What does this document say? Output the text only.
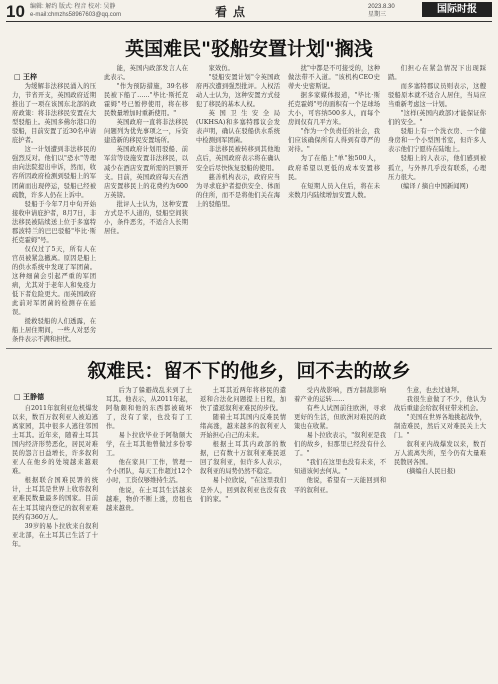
10 编辑: 解约 版式: 程音 校对: 吴静
e-mail:chmzhs58967603@qq.com	看点	2023.8.30
星期三	国际时报
英国难民"驳船安置计划"搁浅
□ 王梓

为缓解非法移民涌入的压力，节省开支，英国政府近期推出了一项在该国东北部的政府政策：将非法移民安置在大型驳船上。英国多佛尔港口的驳船，目前安置了近30名申请庇护者。

这一计划遭到非法移民的强烈反对。他们以"恐水"等理由向法院提出申诉，然而，收容所因政府检测到驳船上的军团菌而出现停运，驳船已经被疏散，许多人仍在上诉中。

驳船于今年7月中旬开始接收申请庇护者，8月7日，非法移民被陆续送上位于多塞特郡波特兰的巴巴驳船"毕比·斯托克霍姆"号。

仅仅过了5天，所有人在官员被紧急撤离。原因是船上的供水系统中发现了军团菌。这种细菌会引起严重的军团病，尤其对于老年人和免疫力低下者危险更大。而英国政府此前对军团菌的检测存在延误。

援救驳船的人们透露，在船上居住期间，一些人对恶劣条件表示不满和担忧。

能，英国内政部发言人在此表示。

"作为预防措施，39名移民被下船了……"毕比·斯托克霍姆"号已暂停使用，将在移民数量增加时重新使用。"

英国政府一直将非法移民问题列为优先事项之一，斥资建造新的移民安置场所。

英国政府计划用驳船、前军营等设施安置非法移民，以减少在酒店安置所需的巨额开支。目前，英国政府每天在酒店安置移民上的花费约为600万英镑。

批评人士认为，这种安置方式是不人道的，驳船空间狭小，条件恶劣，不适合人长期居住。

家效仿。

"驳船安置计划"令英国政府再次遭到强烈批评。人权活动人士认为，这种安置方式侵犯了移民的基本人权。

英国卫生安全局(UKHSA)和多塞特郡议会发表声明，确认在驳船供水系统中检测到军团菌。

非法移民被转移到其他地点后，英国政府表示将在确认安全后尽快恢复驳船的使用。

慈善机构表示，政府应当为寻求庇护者提供安全、体面的住所，而不是将他们关在海上的驳船里。

扰"中都是不可接受的，这种做法带不入道。"该机构CEO史蒂夫·史密斯说。

据多家媒体报道，"毕比·斯托克霍姆"号的面积有一个足球场大小，可容纳500多人，而每个房间仅有几平方米。

"作为一个负责任的社会，我们应该确保所有人得到有尊严的对待。"

为了在船上"单"独500人，政府希望以更低的成本安置移民。

在短期人员入住后，将在未来数月内陆续增加安置人数。

们担心在紧急情况下出现踩踏。

而多塞特郡议员则表示，这艘驳船原本就不适合人居住，当局应当重新考虑这一计划。

"这样(英国内政部)才能保证你们的安全。"

驳船上有一个洗衣房、一个健身房和一个小型图书室，但许多人表示他们宁愿待在陆地上。

驳船上的人表示，他们感到被孤立，与外界几乎没有联系，心理压力很大。

(编译 / 摘自中国新闻网)

叙难民：留不下的他乡，回不去的故乡
□ 王静德

自2011年叙利亚危机爆发以来，数百万叙利亚人被迫逃离家园，其中很多人逃往邻国土耳其。近年来，随着土耳其国内经济形势恶化，居民对难民的怨言日益增长，许多叙利亚人在他乡的处境越来越艰难。

根据联合国难民署的统计，土耳其是世界上收容叙利亚难民数量最多的国家。目前在土耳其境内登记的叙利亚难民约有360万人。

39岁的易卜拉欣来自叙利亚北部，在土耳其已生活了十年。

后为了躲避战乱来到了土耳其。他表示，从2011年起，阿勒颇和他的东西都被破坏了，没有了家，也没有了工作。

易卜拉欣毕业于阿勒颇大学，在土耳其他曾做过多份零工。

他在家具厂工作，管理一个小团队，每天工作超过12个小时，工资仅够维持生活。

他说，在土耳其生活越来越难，物价不断上涨，房租也越来越贵。

土耳其近两年将移民的遣返和合法化问题提上日程，加快了遣返叙利亚难民的步伐。

随着土耳其国内反难民情绪高涨，越来越多的叙利亚人开始担心自己的未来。

根据土耳其内政部的数据，已有数十万叙利亚难民返回了叙利亚，但许多人表示，叙利亚的局势仍然不稳定。

易卜拉欣说，"在这里我们是外人，回到叙利亚也没有我们的家。"

受内战影响，西方制裁影响着产业的运转……

有些人试图前往欧洲，寻求更好的生活，但欧洲对难民的政策也在收紧。

易卜拉欣表示，"叙利亚是我们的故乡，但那里已经没有什么了。"

"我们在这里也没有未来，不知道该何去何从。"

他说，希望有一天能回到和平的叙利亚。

生意，也去过迪拜。

我很生意做了不少，他认为战后重建会给叙利亚带来机会。

"美国在世界各地挑起战争，制造难民，然后又对难民关上大门。"

叙利亚内战爆发以来，数百万人流离失所，至今仍有大量难民散居各国。

(摘编自人民日报)
